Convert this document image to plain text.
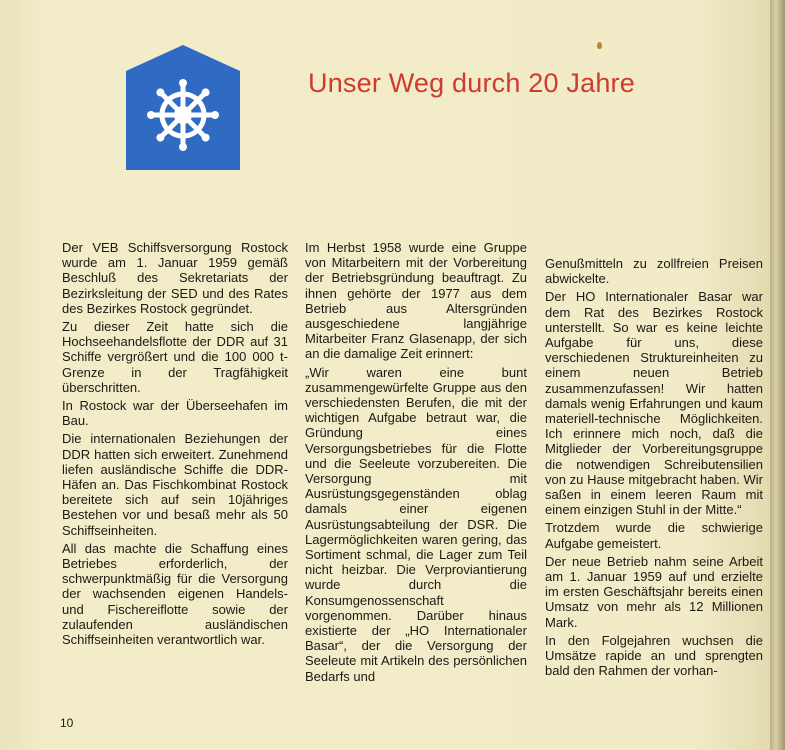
Unser Weg durch 20 Jahre

Der VEB Schiffsversorgung Rostock wurde am 1. Januar 1959 gemäß Beschluß des Sekretariats der Bezirksleitung der SED und des Rates des Bezirkes Rostock gegründet.

Zu dieser Zeit hatte sich die Hochseehandelsflotte der DDR auf 31 Schiffe vergrößert und die 100 000 t-Grenze in der Tragfähigkeit überschritten.

In Rostock war der Überseehafen im Bau.

Die internationalen Beziehungen der DDR hatten sich erweitert. Zunehmend liefen ausländische Schiffe die DDR-Häfen an. Das Fischkombinat Rostock bereitete sich auf sein 10jähriges Bestehen vor und besaß mehr als 50 Schiffseinheiten.

All das machte die Schaffung eines Betriebes erforderlich, der schwerpunktmäßig für die Versorgung der wachsenden eigenen Handels- und Fischereiflotte sowie der zulaufenden ausländischen Schiffseinheiten verantwortlich war.

Im Herbst 1958 wurde eine Gruppe von Mitarbeitern mit der Vorbereitung der Betriebsgründung beauftragt. Zu ihnen gehörte der 1977 aus dem Betrieb aus Altersgründen ausgeschiedene langjährige Mitarbeiter Franz Glasenapp, der sich an die damalige Zeit erinnert:

„Wir waren eine bunt zusammengewürfelte Gruppe aus den verschiedensten Berufen, die mit der wichtigen Aufgabe betraut war, die Gründung eines Versorgungsbetriebes für die Flotte und die Seeleute vorzubereiten. Die Versorgung mit Ausrüstungsgegenständen oblag damals einer eigenen Ausrüstungsabteilung der DSR. Die Lagermöglichkeiten waren gering, das Sortiment schmal, die Lager zum Teil nicht heizbar. Die Verproviantierung wurde durch die Konsumgenossenschaft vorgenommen. Darüber hinaus existierte der „HO Internationaler Basar“, der die Versorgung der Seeleute mit Artikeln des persönlichen Bedarfs und

Genußmitteln zu zollfreien Preisen abwickelte.

Der HO Internationaler Basar war dem Rat des Bezirkes Rostock unterstellt. So war es keine leichte Aufgabe für uns, diese verschiedenen Struktureinheiten zu einem neuen Betrieb zusammenzufassen! Wir hatten damals wenig Erfahrungen und kaum materiell-technische Möglichkeiten. Ich erinnere mich noch, daß die Mitglieder der Vorbereitungsgruppe die notwendigen Schreibutensilien von zu Hause mitgebracht haben. Wir saßen in einem leeren Raum mit einem einzigen Stuhl in der Mitte.“

Trotzdem wurde die schwierige Aufgabe gemeistert.

Der neue Betrieb nahm seine Arbeit am 1. Januar 1959 auf und erzielte im ersten Geschäftsjahr bereits einen Umsatz von mehr als 12 Millionen Mark.

In den Folgejahren wuchsen die Umsätze rapide an und sprengten bald den Rahmen der vorhan-

10
